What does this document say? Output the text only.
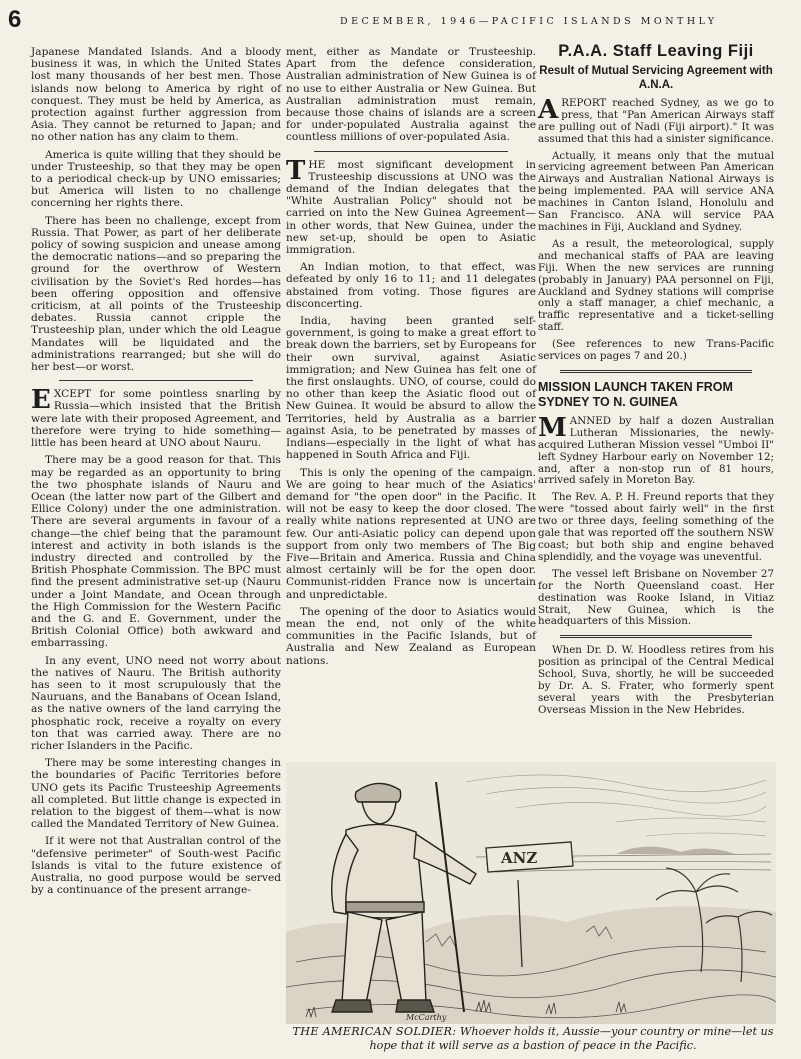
6	DECEMBER, 1946—PACIFIC ISLANDS MONTHLY

Japanese Mandated Islands. And a bloody business it was, in which the United States lost many thousands of her best men. Those islands now belong to America by right of conquest. They must be held by America, as protection against further aggression from Asia. They cannot be returned to Japan; and no other nation has any claim to them.

America is quite willing that they should be under Trusteeship, so that they may be open to a periodical check-up by UNO emissaries; but America will listen to no challenge concerning her rights there.

There has been no challenge, except from Russia. That Power, as part of her deliberate policy of sowing suspicion and unease among the democratic nations—and so preparing the ground for the overthrow of Western civilisation by the Soviet's Red hordes—has been offering opposition and offensive criticism, at all points of the Trusteeship debates. Russia cannot cripple the Trusteeship plan, under which the old League Mandates will be liquidated and the administrations rearranged; but she will do her best—or worst.

EXCEPT for some pointless snarling by Russia—which insisted that the British were late with their proposed Agreement, and therefore were trying to hide something—little has been heard at UNO about Nauru.

There may be a good reason for that. This may be regarded as an opportunity to bring the two phosphate islands of Nauru and Ocean (the latter now part of the Gilbert and Ellice Colony) under the one administration. There are several arguments in favour of a change—the chief being that the paramount interest and activity in both islands is the industry directed and controlled by the British Phosphate Commission. The BPC must find the present administrative set-up (Nauru under a Joint Mandate, and Ocean through the High Commission for the Western Pacific and the G. and E. Government, under the British Colonial Office) both awkward and embarrassing.

In any event, UNO need not worry about the natives of Nauru. The British authority has seen to it most scrupulously that the Nauruans, and the Banabans of Ocean Island, as the native owners of the land carrying the phosphatic rock, receive a royalty on every ton that was carried away. There are no richer Islanders in the Pacific.

There may be some interesting changes in the boundaries of Pacific Territories before UNO gets its Pacific Trusteeship Agreements all completed. But little change is expected in relation to the biggest of them—what is now called the Mandated Territory of New Guinea.

If it were not that Australian control of the "defensive perimeter" of South-west Pacific Islands is vital to the future existence of Australia, no good purpose would be served by a continuance of the present arrange-

ment, either as Mandate or Trusteeship. Apart from the defence consideration, Australian administration of New Guinea is of no use to either Australia or New Guinea. But Australian administration must remain, because those chains of islands are a screen for under-populated Australia against the countless millions of over-populated Asia.

THE most significant development in Trusteeship discussions at UNO was the demand of the Indian delegates that the "White Australian Policy" should not be carried on into the New Guinea Agreement—in other words, that New Guinea, under the new set-up, should be open to Asiatic immigration.

An Indian motion, to that effect, was defeated by only 16 to 11; and 11 delegates abstained from voting. Those figures are disconcerting.

India, having been granted self-government, is going to make a great effort to break down the barriers, set by Europeans for their own survival, against Asiatic immigration; and New Guinea has felt one of the first onslaughts. UNO, of course, could do no other than keep the Asiatic flood out of New Guinea. It would be absurd to allow the Territories, held by Australia as a barrier against Asia, to be penetrated by masses of Indians—especially in the light of what has happened in South Africa and Fiji.

This is only the opening of the campaign. We are going to hear much of the Asiatics' demand for "the open door" in the Pacific. It will not be easy to keep the door closed. The really white nations represented at UNO are few. Our anti-Asiatic policy can depend upon support from only two members of The Big Five—Britain and America. Russia and China almost certainly will be for the open door. Communist-ridden France now is uncertain and unpredictable.

The opening of the door to Asiatics would mean the end, not only of the white communities in the Pacific Islands, but of Australia and New Zealand as European nations.

P.A.A. Staff Leaving Fiji
Result of Mutual Servicing Agreement with A.N.A.

AREPORT reached Sydney, as we go to press, that "Pan American Airways staff are pulling out of Nadi (Fiji airport)." It was assumed that this had a sinister significance.

Actually, it means only that the mutual servicing agreement between Pan American Airways and Australian National Airways is being implemented. PAA will service ANA machines in Canton Island, Honolulu and San Francisco. ANA will service PAA machines in Fiji, Auckland and Sydney.

As a result, the meteorological, supply and mechanical staffs of PAA are leaving Fiji. When the new services are running (probably in January) PAA personnel on Fiji, Auckland and Sydney stations will comprise only a staff manager, a chief mechanic, a traffic representative and a ticket-selling staff.

(See references to new Trans-Pacific services on pages 7 and 20.)

MISSION LAUNCH TAKEN FROM SYDNEY TO N. GUINEA

MANNED by half a dozen Australian Lutheran Missionaries, the newly-acquired Lutheran Mission vessel "Umboi II" left Sydney Harbour early on November 12; and, after a non-stop run of 81 hours, arrived safely in Moreton Bay.

The Rev. A. P. H. Freund reports that they were "tossed about fairly well" in the first two or three days, feeling something of the gale that was reported off the southern NSW coast; but both ship and engine behaved splendidly, and the voyage was uneventful.

The vessel left Brisbane on November 27 for the North Queensland coast. Her destination was Rooke Island, in Vitiaz Strait, New Guinea, which is the headquarters of this Mission.

When Dr. D. W. Hoodless retires from his position as principal of the Central Medical School, Suva, shortly, he will be succeeded by Dr. A. S. Frater, who formerly spent several years with the Presbyterian Overseas Mission in the New Hebrides.

ANZ
McCarthy
THE AMERICAN SOLDIER: Whoever holds it, Aussie—your country or mine—let us hope that it will serve as a bastion of peace in the Pacific.
